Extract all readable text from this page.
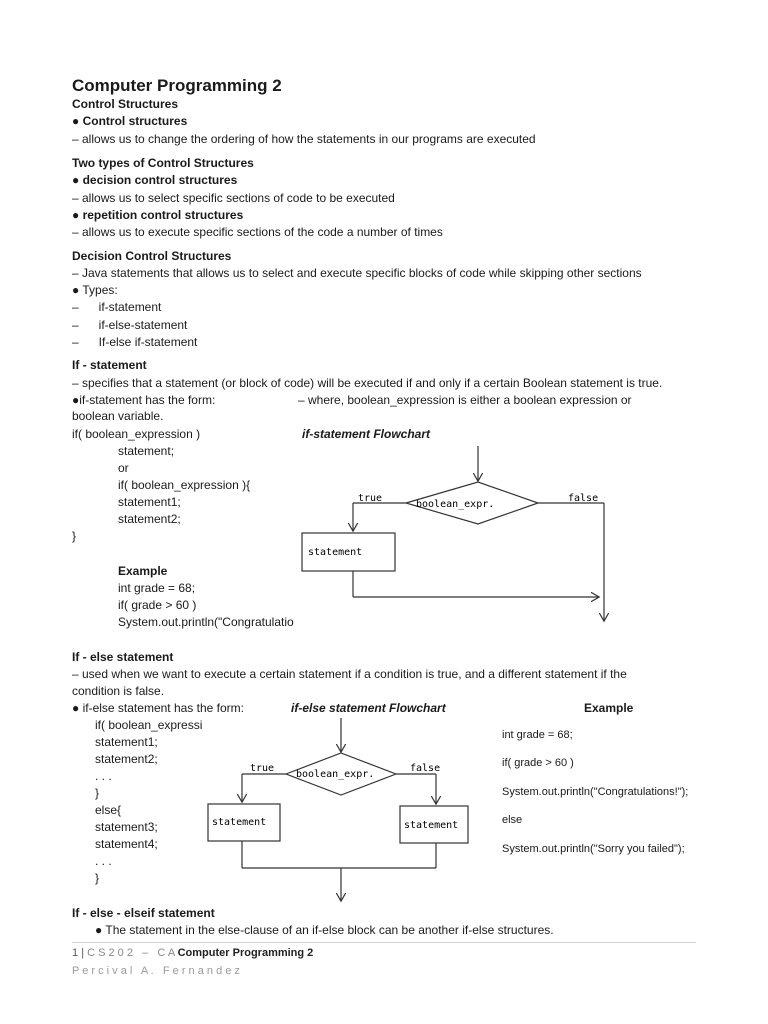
Computer Programming 2
Control Structures
● Control structures
– allows us to change the ordering of how the statements in our programs are executed
Two types of Control Structures
● decision control structures
– allows us to select specific sections of code to be executed
● repetition control structures
– allows us to execute specific sections of the code a number of times
Decision Control Structures
– Java statements that allows us to select and execute specific blocks of code while skipping other sections
● Types:
–      if-statement
–      if-else-statement
–      If-else if-statement
If - statement
– specifies that a statement (or block of code) will be executed if and only if a certain Boolean statement is true.
●if-statement has the form:	– where, boolean_expression is either a boolean expression or
boolean variable.
if( boolean_expression )
statement;
or
if( boolean_expression ){
statement1;
statement2;
}
Example
int grade = 68;
if( grade > 60 )
System.out.println("Congratulatio
if-statement Flowchart
true	false
boolean_expr.
statement
If - else statement
– used when we want to execute a certain statement if a condition is true, and a different statement if the
condition is false.
● if-else statement has the form:	if-else statement Flowchart	Example
if( boolean_expressi
statement1;
statement2;
. . .
}
else{
statement3;
statement4;
. . .
}
int grade = 68;
if( grade > 60 )
System.out.println("Congratulations!");
else
System.out.println("Sorry you failed");
true	false
boolean_expr.
statement	statement
If - else - elseif statement
● The statement in the else-clause of an if-else block can be another if-else structures.
1 | C S 2 0 2   –   C A Computer Programming 2
P e r c i v a l   A .   F e r n a n d e z
